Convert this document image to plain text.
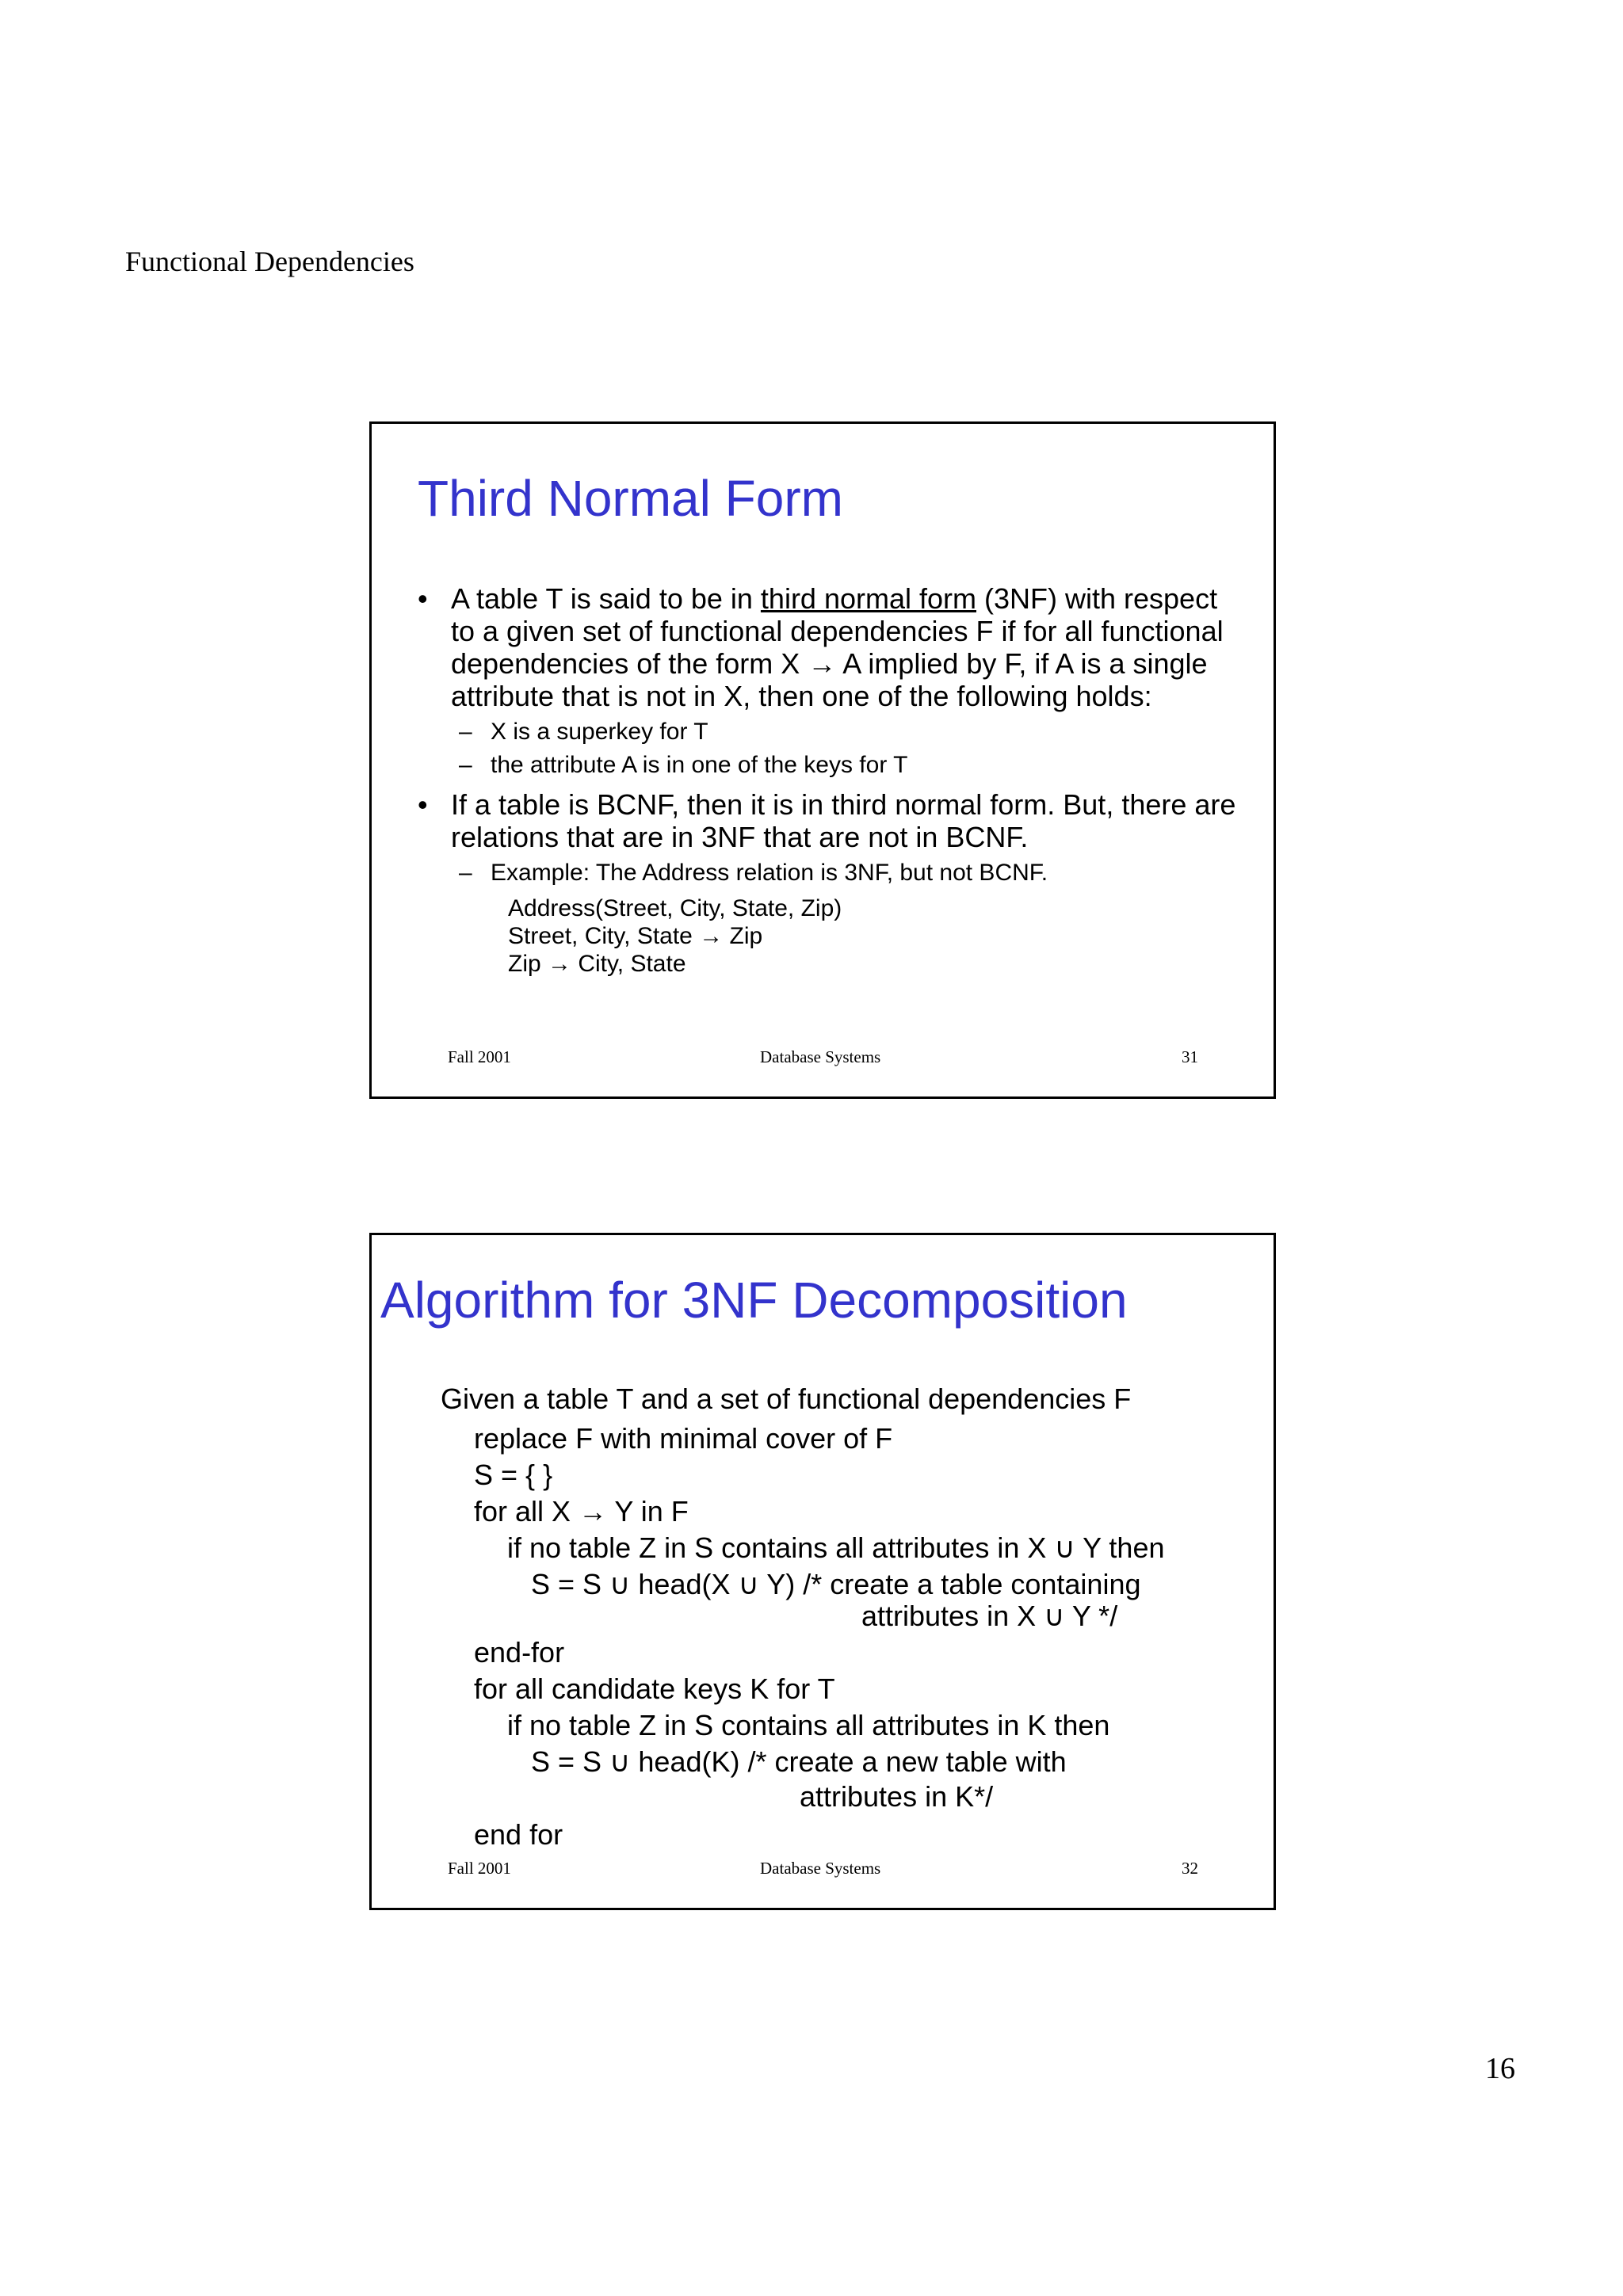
Functional Dependencies
Third Normal Form
• A table T is said to be in third normal form (3NF) with respect to a given set of functional dependencies F if for all functional dependencies of the form X → A implied by F, if A is a single attribute that is not in X, then one of the following holds:
– X is a superkey for T
– the attribute A is in one of the keys for T
• If a table is BCNF, then it is in third normal form. But, there are relations that are in 3NF that are not in BCNF.
– Example: The Address relation is 3NF, but not BCNF.
Address(Street, City, State, Zip)
Street, City, State → Zip
Zip → City, State
Fall 2001	Database Systems	31
Algorithm for 3NF Decomposition
Given a table T and a set of functional dependencies F
replace F with minimal cover of F
S = { }
for all X → Y in F
if no table Z in S contains all attributes in X ∪ Y then
S = S ∪ head(X ∪ Y) /* create a table containing
attributes in X ∪ Y */
end-for
for all candidate keys K for T
if no table Z in S contains all attributes in K then
S = S ∪ head(K) /* create a new table with
attributes in K*/
end for
Fall 2001	Database Systems	32
16
